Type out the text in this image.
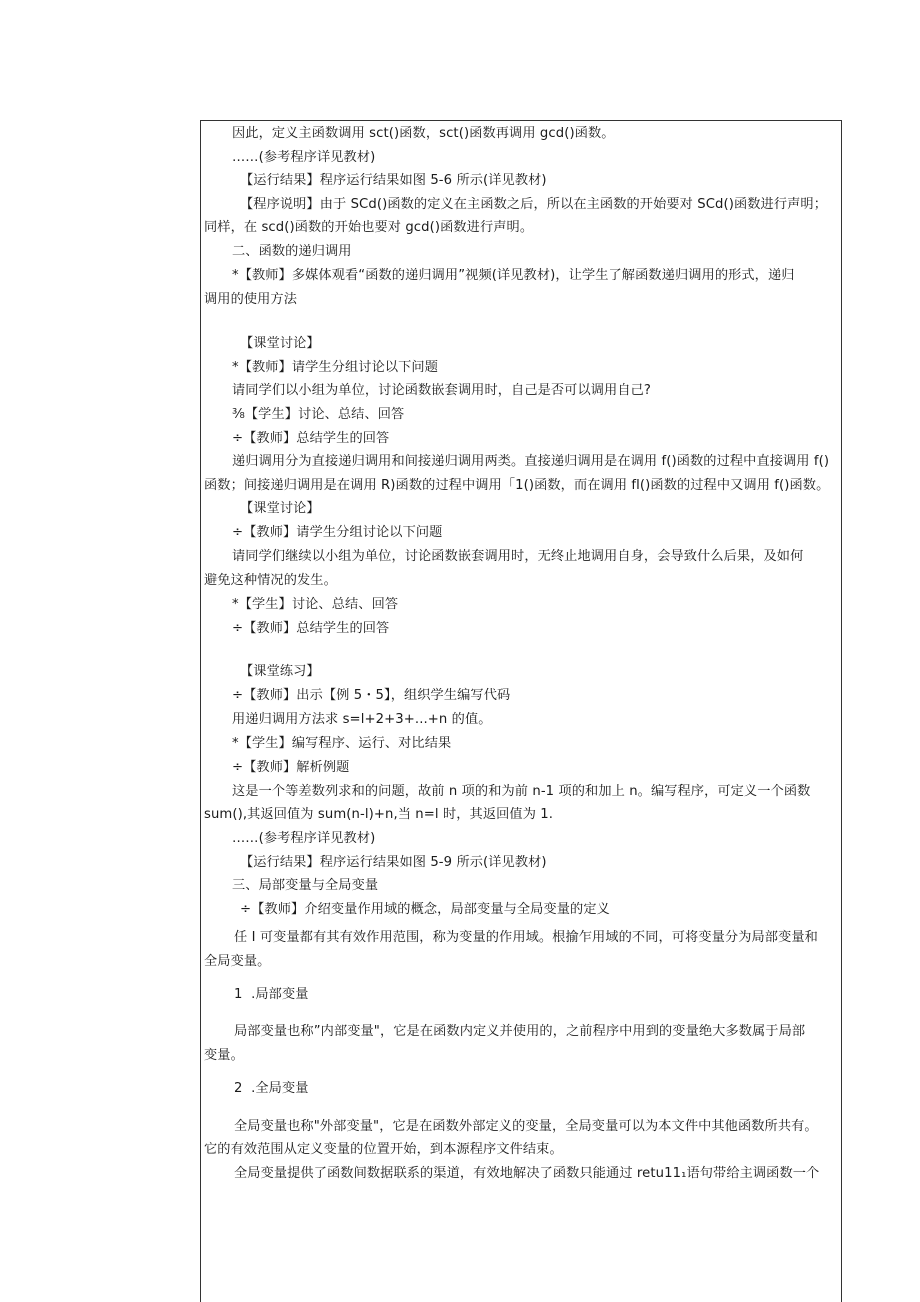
因此，定义主函数调用 sct()函数，sct()函数再调用 gcd()函数。
……(参考程序详见教材)
【运行结果】程序运行结果如图 5-6 所示(详见教材)
【程序说明】由于 SCd()函数的定义在主函数之后，所以在主函数的开始要对 SCd()函数进行声明；
同样，在 scd()函数的开始也要对 gcd()函数进行声明。
二、函数的递归调用
*【教师】多媒体观看“函数的递归调用”视频(详见教材)，让学生了解函数递归调用的形式，递归
调用的使用方法
【课堂讨论】
*【教师】请学生分组讨论以下问题
请同学们以小组为单位，讨论函数嵌套调用时，自己是否可以调用自己?
⅜【学生】讨论、总结、回答
÷【教师】总结学生的回答
递归调用分为直接递归调用和间接递归调用两类。直接递归调用是在调用 f()函数的过程中直接调用 f()
函数；间接递归调用是在调用 R)函数的过程中调用「1()函数，而在调用 fl()函数的过程中又调用 f()函数。
【课堂讨论】
÷【教师】请学生分组讨论以下问题
请同学们继续以小组为单位，讨论函数嵌套调用时，无终止地调用自身，会导致什么后果，及如何
避免这种情况的发生。
*【学生】讨论、总结、回答
÷【教师】总结学生的回答
【课堂练习】
÷【教师】出示【例 5・5】，组织学生编写代码
用递归调用方法求 s=l+2+3+...+n 的值。
*【学生】编写程序、运行、对比结果
÷【教师】解析例题
这是一个等差数列求和的问题，故前 n 项的和为前 n-1 项的和加上 n。编写程序，可定义一个函数
sum(),其返回值为 sum(n-l)+n,当 n=l 时，其返回值为 1.
……(参考程序详见教材)
【运行结果】程序运行结果如图 5-9 所示(详见教材)
三、局部变量与全局变量
÷【教师】介绍变量作用域的概念，局部变量与全局变量的定义
任 I 可变量都有其有效作用范围，称为变量的作用域。根揄乍用域的不同，可将变量分为局部变量和
全局变量。
1  .局部变量
局部变量也称”内部变量"，它是在函数内定义并使用的，之前程序中用到的变量绝大多数属于局部
变量。
2  .全局变量
全局变量也称"外部变量"，它是在函数外部定义的变量，全局变量可以为本文件中其他函数所共有。
它的有效范围从定义变量的位置开始，到本源程序文件结束。
全局变量提供了函数间数据联系的渠道，有效地解决了函数只能通过 retu11₁语句带给主调函数一个
